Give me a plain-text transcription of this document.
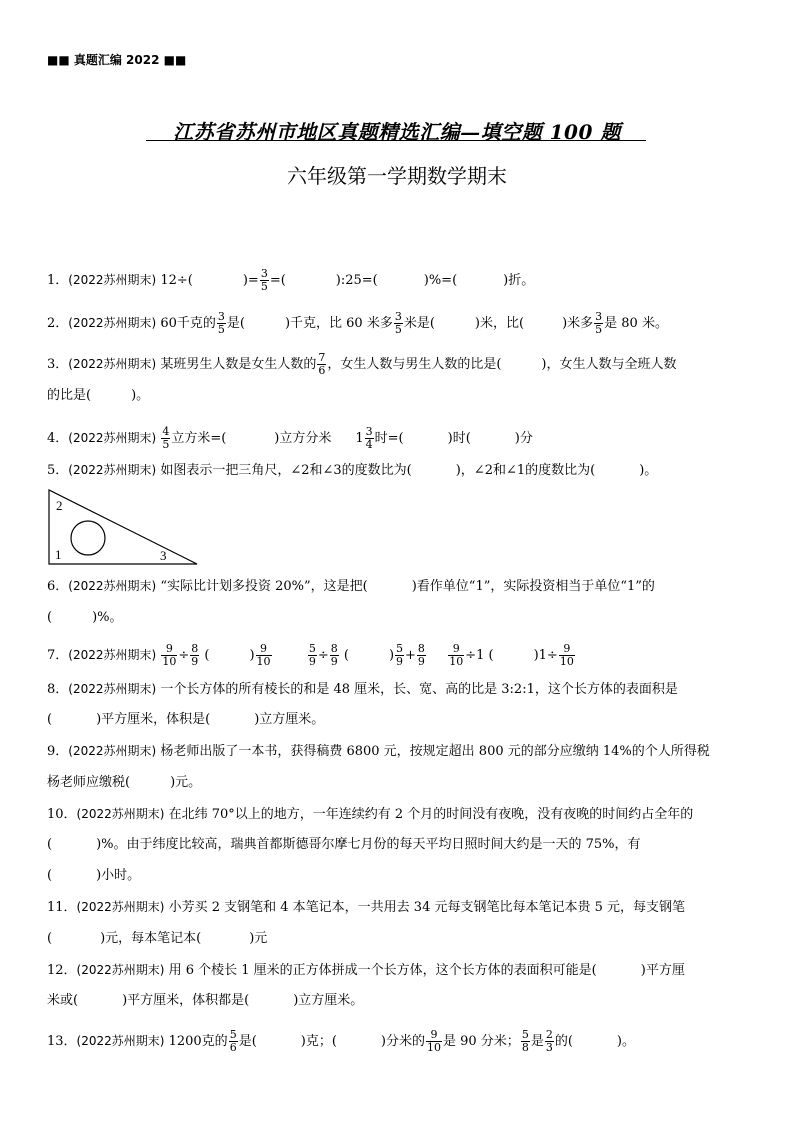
■■ 真题汇编 2022 ■■
江苏省苏州市地区真题精选汇编—填空题 100 题
六年级第一学期数学期末
1．(2022苏州期末) 12÷(	)= $\frac{3}{5}$ =(	):25=(	)%=(	)折。
2．(2022苏州期末) 60千克的 $\frac{3}{5}$ 是(	)千克，比 60 米多 $\frac{3}{5}$ 米是(	)米，比(	)米多 $\frac{3}{5}$ 是 80 米。
3．(2022苏州期末) 某班男生人数是女生人数的 $\frac{7}{6}$ ，女生人数与男生人数的比是(	)，女生人数与全班人数
的比是(	)。
4．(2022苏州期末) $\frac{4}{5}$ 立方米=(	)立方分米 $1 \frac{3}{4}$ 时=(	)时(	)分
5．(2022苏州期末) 如图表示一把三角尺，∠2和∠3的度数比为(	)，∠2和∠1的度数比为(	)。
2
1	3
6．(2022苏州期末) “实际比计划多投资 20%”，这是把(	)看作单位“1”，实际投资相当于单位“1”的
(	)%。
7．(2022苏州期末) $\frac{9}{10} \div \frac{8}{9}$ (	) $\frac{9}{10}$
	$\frac{5}{9} \div \frac{8}{9}$ (	) $\frac{5}{9} + \frac{8}{9}$
$\frac{9}{10} \div 1$ (	)$1\div \frac{9}{10}$
8．(2022苏州期末) 一个长方体的所有棱长的和是 48 厘米，长、宽、高的比是 3:2:1，这个长方体的表面积是
(	)平方厘米，体积是(	)立方厘米。
9．(2022苏州期末) 杨老师出版了一本书，获得稿费 6800 元，按规定超出 800 元的部分应缴纳 14%的个人所得税
杨老师应缴税(	)元。
10．(2022苏州期末) 在北纬 70°以上的地方，一年连续约有 2 个月的时间没有夜晚，没有夜晚的时间约占全年的
(	)%。由于纬度比较高，瑞典首都斯德哥尔摩七月份的每天平均日照时间大约是一天的 75%，有
(	)小时。
11．(2022苏州期末) 小芳买 2 支钢笔和 4 本笔记本，一共用去 34 元每支钢笔比每本笔记本贵 5 元，每支钢笔
(	)元，每本笔记本(	)元
12．(2022苏州期末) 用 6 个棱长 1 厘米的正方体拼成一个长方体，这个长方体的表面积可能是(	)平方厘
米或(	)平方厘米，体积都是(	)立方厘米。
13．(2022苏州期末) 1200克的 $\frac{5}{6}$ 是(	)克；(	)分米的 $\frac{9}{10}$ 是 90 分米； $\frac{5}{8}$ 是 $\frac{2}{3}$ 的(	)。
